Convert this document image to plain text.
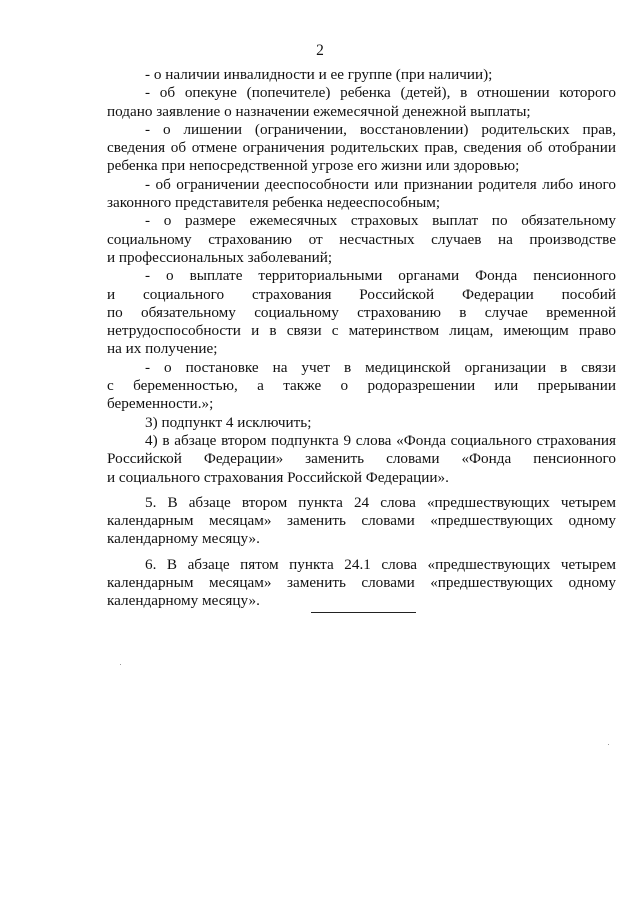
2
- о наличии инвалидности и ее группе (при наличии);
- об опекуне (попечителе) ребенка (детей), в отношении которого
подано заявление о назначении ежемесячной денежной выплаты;
- о лишении (ограничении, восстановлении) родительских прав,
сведения об отмене ограничения родительских прав, сведения об отобрании
ребенка при непосредственной угрозе его жизни или здоровью;
- об ограничении дееспособности или признании родителя либо иного
законного представителя ребенка недееспособным;
- о размере ежемесячных страховых выплат по обязательному
социальному страхованию от несчастных случаев на производстве
и профессиональных заболеваний;
- о выплате территориальными органами Фонда пенсионного
и социального страхования Российской Федерации пособий
по обязательному социальному страхованию в случае временной
нетрудоспособности и в связи с материнством лицам, имеющим право
на их получение;
- о постановке на учет в медицинской организации в связи
с беременностью, а также о родоразрешении или прерывании
беременности.»;
3) подпункт 4 исключить;
4) в абзаце втором подпункта 9 слова «Фонда социального страхования
Российской Федерации» заменить словами «Фонда пенсионного
и социального страхования Российской Федерации».
5. В абзаце втором пункта 24 слова «предшествующих четырем
календарным месяцам» заменить словами «предшествующих одному
календарному месяцу».
6. В абзаце пятом пункта 24.1 слова «предшествующих четырем
календарным месяцам» заменить словами «предшествующих одному
календарному месяцу».
